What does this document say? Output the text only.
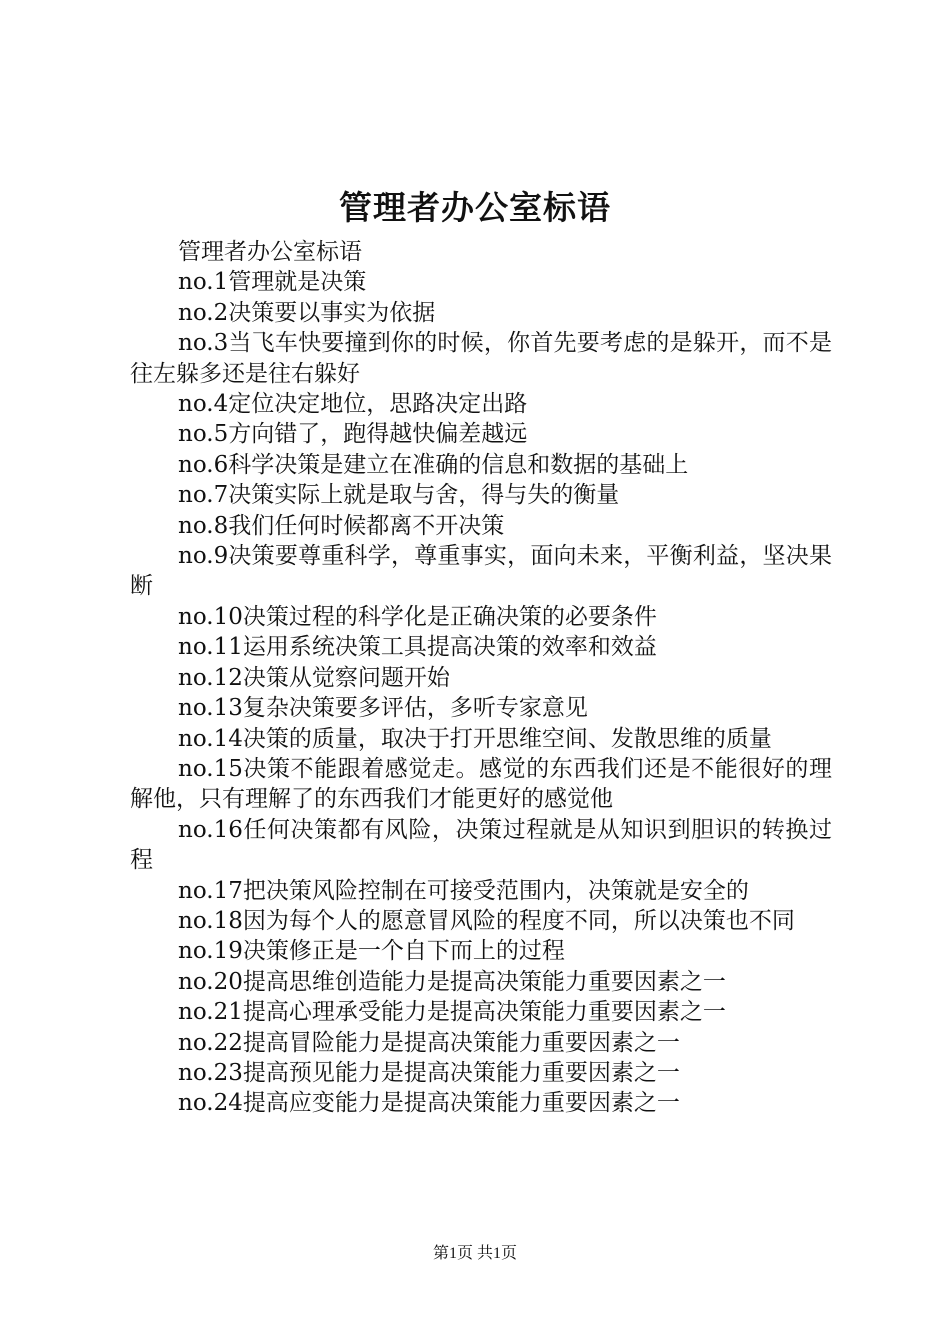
管理者办公室标语

管理者办公室标语

no.1管理就是决策

no.2决策要以事实为依据

no.3当飞车快要撞到你的时候，你首先要考虑的是躲开，而不是往左躲多还是往右躲好

no.4定位决定地位，思路决定出路

no.5方向错了，跑得越快偏差越远

no.6科学决策是建立在准确的信息和数据的基础上

no.7决策实际上就是取与舍，得与失的衡量

no.8我们任何时候都离不开决策

no.9决策要尊重科学，尊重事实，面向未来，平衡利益，坚决果断

no.10决策过程的科学化是正确决策的必要条件

no.11运用系统决策工具提高决策的效率和效益

no.12决策从觉察问题开始

no.13复杂决策要多评估，多听专家意见

no.14决策的质量，取决于打开思维空间、发散思维的质量

no.15决策不能跟着感觉走。感觉的东西我们还是不能很好的理解他，只有理解了的东西我们才能更好的感觉他

no.16任何决策都有风险，决策过程就是从知识到胆识的转换过程

no.17把决策风险控制在可接受范围内，决策就是安全的

no.18因为每个人的愿意冒风险的程度不同，所以决策也不同

no.19决策修正是一个自下而上的过程

no.20提高思维创造能力是提高决策能力重要因素之一

no.21提高心理承受能力是提高决策能力重要因素之一

no.22提高冒险能力是提高决策能力重要因素之一

no.23提高预见能力是提高决策能力重要因素之一

no.24提高应变能力是提高决策能力重要因素之一

第1页 共1页
